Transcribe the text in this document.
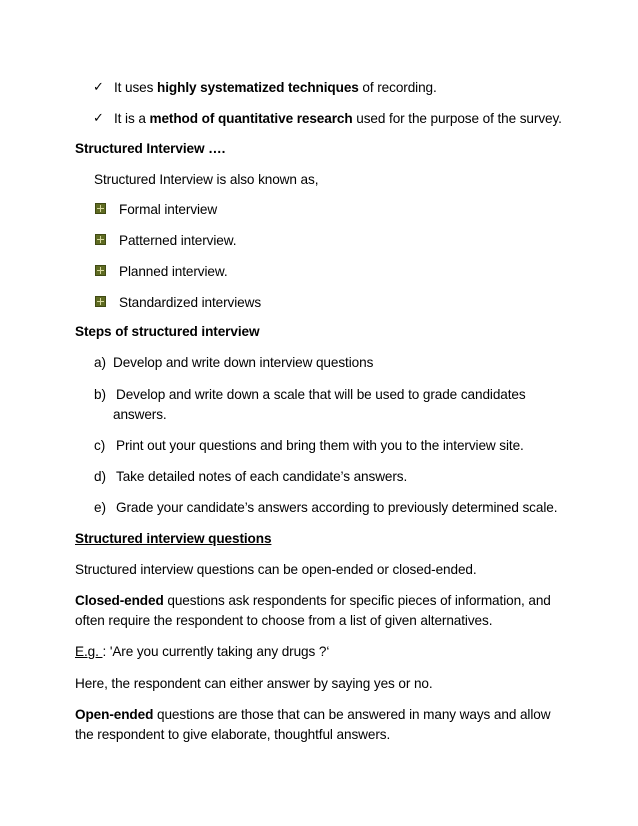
✓ It uses highly systematized techniques of recording.
✓ It is a method of quantitative research used for the purpose of the survey.
Structured Interview ….
Structured Interview is also known as,
Formal interview
Patterned interview.
Planned interview.
Standardized interviews
Steps of structured interview
a) Develop and write down interview questions
b) Develop and write down a scale that will be used to grade candidates
answers.
c) Print out your questions and bring them with you to the interview site.
d) Take detailed notes of each candidate’s answers.
e) Grade your candidate’s answers according to previously determined scale.
Structured interview questions
Structured interview questions can be open-ended or closed-ended.
Closed-ended questions ask respondents for specific pieces of information, and
often require the respondent to choose from a list of given alternatives.
E.g. : 'Are you currently taking any drugs ?‘
Here, the respondent can either answer by saying yes or no.
Open-ended questions are those that can be answered in many ways and allow
the respondent to give elaborate, thoughtful answers.
